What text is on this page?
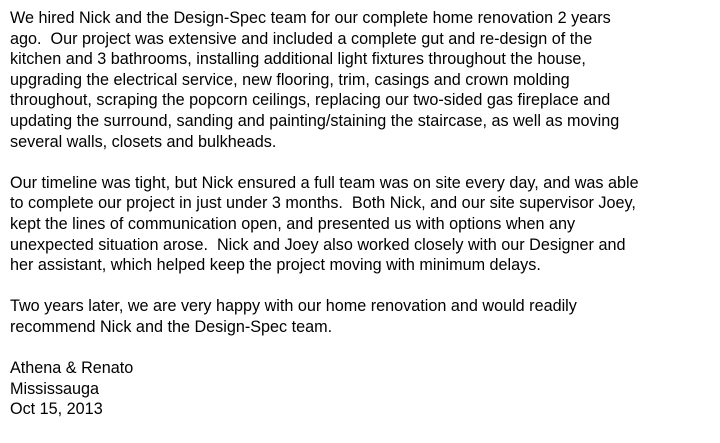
We hired Nick and the Design-Spec team for our complete home renovation 2 years
ago.  Our project was extensive and included a complete gut and re-design of the
kitchen and 3 bathrooms, installing additional light fixtures throughout the house,
upgrading the electrical service, new flooring, trim, casings and crown molding
throughout, scraping the popcorn ceilings, replacing our two-sided gas fireplace and
updating the surround, sanding and painting/staining the staircase, as well as moving
several walls, closets and bulkheads.

Our timeline was tight, but Nick ensured a full team was on site every day, and was able
to complete our project in just under 3 months.  Both Nick, and our site supervisor Joey,
kept the lines of communication open, and presented us with options when any
unexpected situation arose.  Nick and Joey also worked closely with our Designer and
her assistant, which helped keep the project moving with minimum delays.

Two years later, we are very happy with our home renovation and would readily
recommend Nick and the Design-Spec team.

Athena & Renato
Mississauga
Oct 15, 2013
